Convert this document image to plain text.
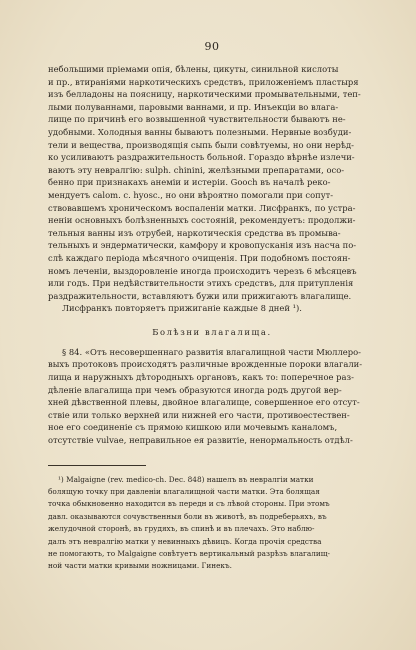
90

небольшими пріемами опія, бѣлены, цикуты, синильной кислоты

и пр., втираніями наркотическихъ средствъ, приложеніемъ пластыря

изъ белладоны на поясницу, наркотическими промывательными, теп-

лыми полуваннами, паровыми ваннами, и пр. Инъекціи во влага-

лище по причинѣ его возвышенной чувствительности бываютъ не-

удобными. Холодныя ванны бываютъ полезными. Нервные возбуди-

тели и вещества, производящія сыпь были совѣтуемы, но они нерѣд-

ко усиливаютъ раздражительность больной. Гораздо вѣрнѣе излечи-

ваютъ эту невралгію: sulph. chinini, желѣзными препаратами, осо-

бенно при признакахъ анеміи и истеріи. Gooch въ началѣ реко-

мендуетъ calom. c. hyosc., но они вѣроятно помогали при сопут-

ствовавшемъ хроническомъ воспаленіи матки. Лисфранкъ, по устра-

неніи основныхъ болѣзненныхъ состояній, рекомендуетъ: продолжи-

тельныя ванны изъ отрубей, наркотическія средства въ промыва-

тельныхъ и эндерматически, камфору и кровопусканія изъ насча по-

слѣ каждаго періода мѣсячного очищенія. При подобномъ постоян-

номъ леченіи, выздоровленіе иногда происходитъ черезъ 6 мѣсяцевъ

или годъ. При недѣйствительности этихъ средствъ, для притупленія

раздражительности, вставляютъ бужи или прижигаютъ влагалище.

Лисфранкъ повторяетъ прижиганіе каждые 8 дней ¹).

Болѣзни влагалища.

§ 84. «Отъ несовершеннаго развитія влагалищной части Мюллеро-

выхъ протоковъ происходятъ различные врожденные пороки влагали-

лища и наружныхъ дѣтородныхъ органовъ, какъ то: поперечное раз-

дѣленіе влагалища при чемъ образуются иногда родъ другой вер-

хней дѣвственной плевы, двойное влагалище, совершенное его отсут-

ствіе или только верхней или нижней его части, противоестествен-

ное его соединеніе съ прямою кишкою или мочевымъ каналомъ,

отсутствіе vulvae, неправильное ея развитіе, ненормальность отдѣл-

¹) Malgaigne (rev. medico-ch. Dec. 848) нашелъ въ невралгіи матки

болящую точку при давленіи влагалищной части матки. Эта болящая

точка обыкновенно находится въ передн и съ лѣвой стороны. При этомъ

давл. оказываются сочувственныя боли въ животѣ, въ подреберьяхъ, въ

желудочной сторонѣ, въ грудяхъ, въ спинѣ и въ плечахъ. Это наблю-

далъ этъ невралгію матки у невинныхъ дѣвицъ. Когда прочія средства

не помогаютъ, то Malgaigne совѣтуетъ вертикальный разрѣзъ влагалищ-

ной части матки кривыми ножницами. Гинекъ.
